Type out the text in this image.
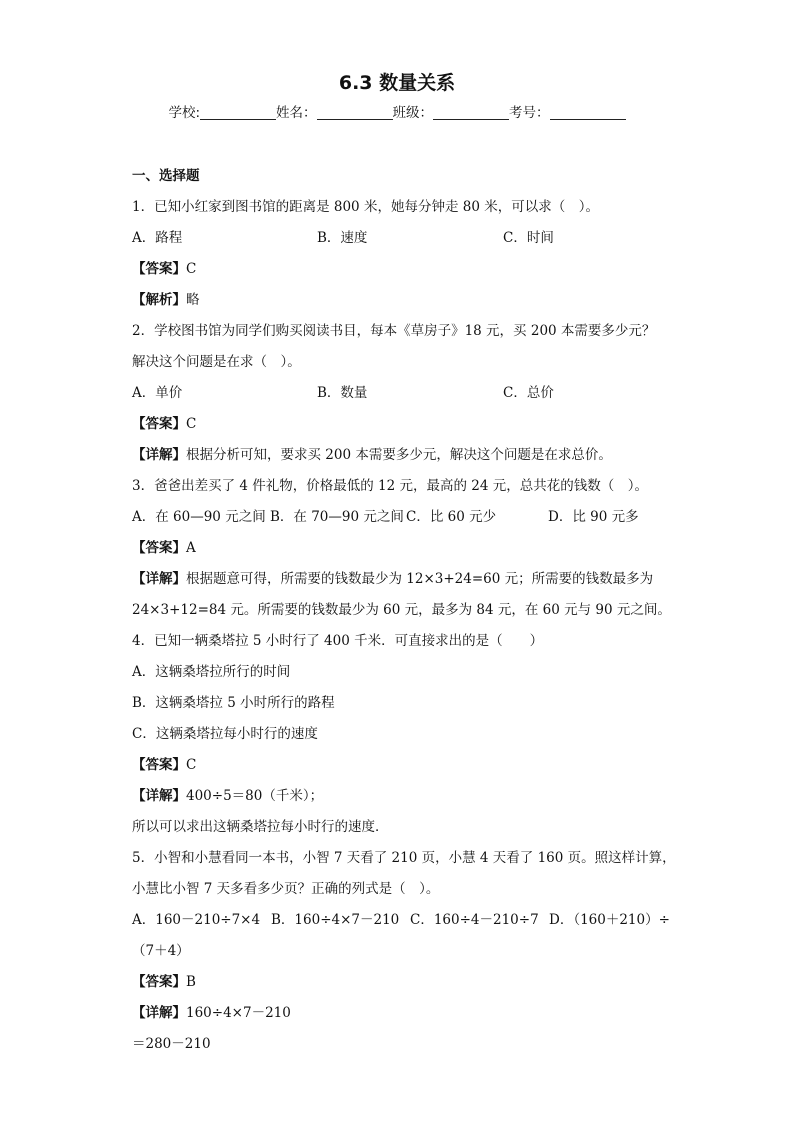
6.3 数量关系
学校:	姓名：	班级：	考号：
一、选择题
1．已知小红家到图书馆的距离是 800 米，她每分钟走 80 米，可以求（　）。
A．路程	B．速度	C．时间
【答案】C
【解析】略
2．学校图书馆为同学们购买阅读书目，每本《草房子》18 元，买 200 本需要多少元？
解决这个问题是在求（　）。
A．单价	B．数量	C．总价
【答案】C
【详解】根据分析可知，要求买 200 本需要多少元，解决这个问题是在求总价。
3．爸爸出差买了 4 件礼物，价格最低的 12 元，最高的 24 元，总共花的钱数（　）。
A．在 60—90 元之间 B．在 70—90 元之间 C．比 60 元少	D．比 90 元多
【答案】A
【详解】根据题意可得，所需要的钱数最少为 12×3+24=60 元；所需要的钱数最多为
24×3+12=84 元。所需要的钱数最少为 60 元，最多为 84 元，在 60 元与 90 元之间。
4．已知一辆桑塔拉 5 小时行了 400 千米．可直接求出的是（　　）
A．这辆桑塔拉所行的时间
B．这辆桑塔拉 5 小时所行的路程
C．这辆桑塔拉每小时行的速度
【答案】C
【详解】400÷5＝80（千米）；
所以可以求出这辆桑塔拉每小时行的速度．
5．小智和小慧看同一本书，小智 7 天看了 210 页，小慧 4 天看了 160 页。照这样计算，
小慧比小智 7 天多看多少页？正确的列式是（　）。
A．160－210÷7×4 B．160÷4×7－210 C．160÷4－210÷7 D．（160＋210）÷
（7＋4）
【答案】B
【详解】160÷4×7－210
＝280－210
